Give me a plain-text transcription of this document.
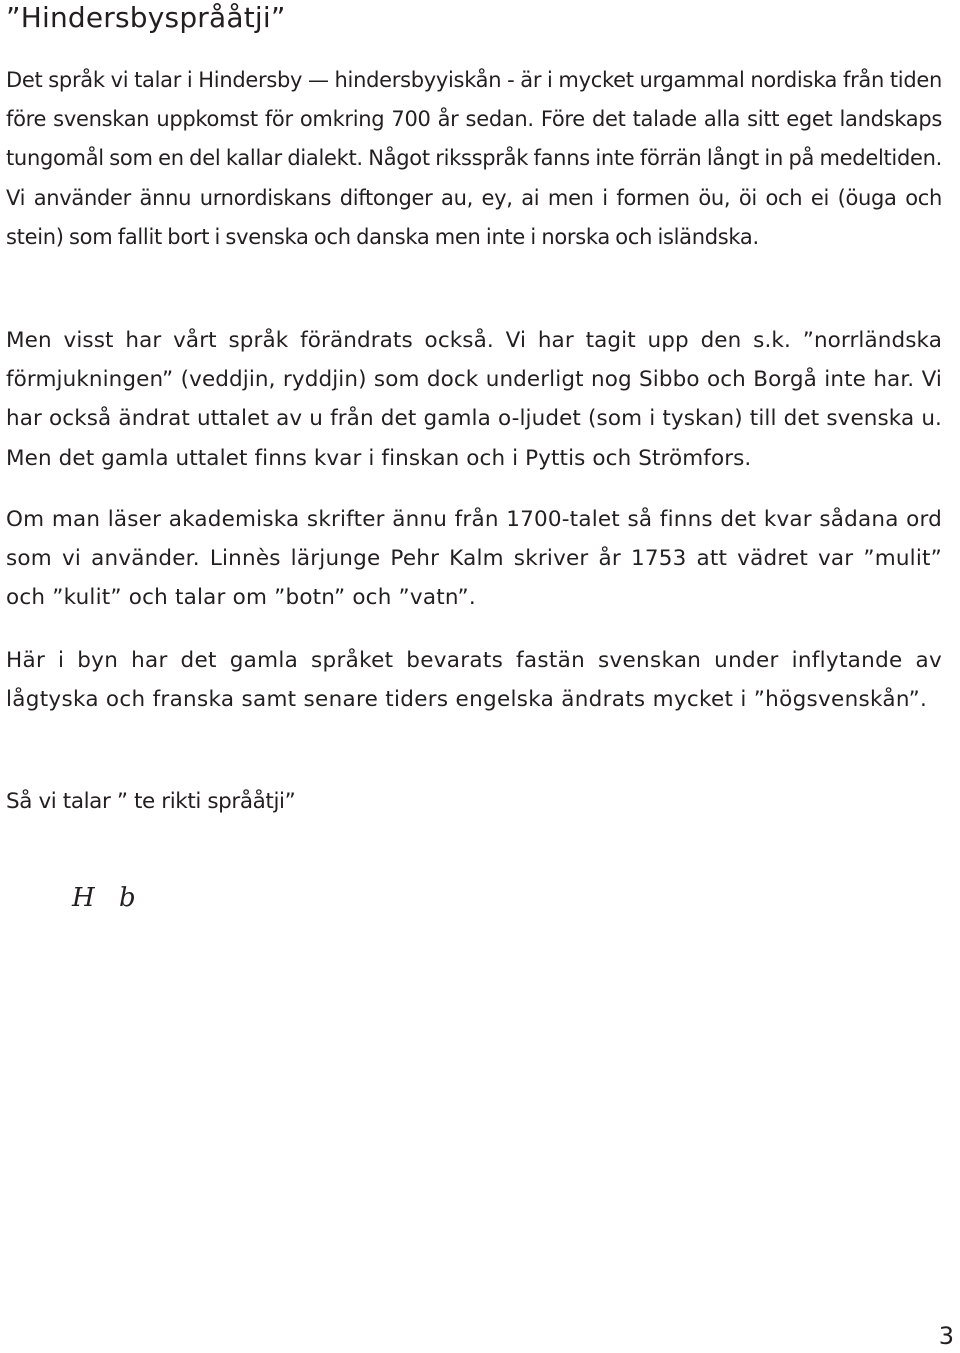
”Hindersbysprååtji”

Det språk vi talar i Hindersby — hindersbyyiskån - är i mycket urgammal nordiska från tiden före svenskan uppkomst för omkring 700 år sedan. Före det talade alla sitt eget landskaps tungomål som en del kallar dialekt. Något riksspråk fanns inte förrän långt in på medeltiden. Vi använder ännu urnordiskans diftonger au, ey, ai men i formen öu, öi och ei (öuga och stein) som fallit bort i svenska och danska men inte i norska och isländska.

Men visst har vårt språk förändrats också. Vi har tagit upp den s.k. ”norrländska förmjukningen” (veddjin, ryddjin) som dock underligt nog Sibbo och Borgå inte har. Vi har också ändrat uttalet av u från det gamla o-ljudet (som i tyskan) till det svenska u. Men det gamla uttalet finns kvar i finskan och i Pyttis och Strömfors.

Om man läser akademiska skrifter ännu från 1700-talet så finns det kvar sådana ord som vi använder. Linnès lärjunge Pehr Kalm skriver år 1753 att vädret var ”mulit” och ”kulit” och talar om ”botn” och ”vatn”.

Här i byn har det gamla språket bevarats fastän svenskan under inflytande av lågtyska och franska samt senare tiders engelska ändrats mycket i ”högsvenskån”.

Så vi talar ” te rikti språåtji”

H b

3
